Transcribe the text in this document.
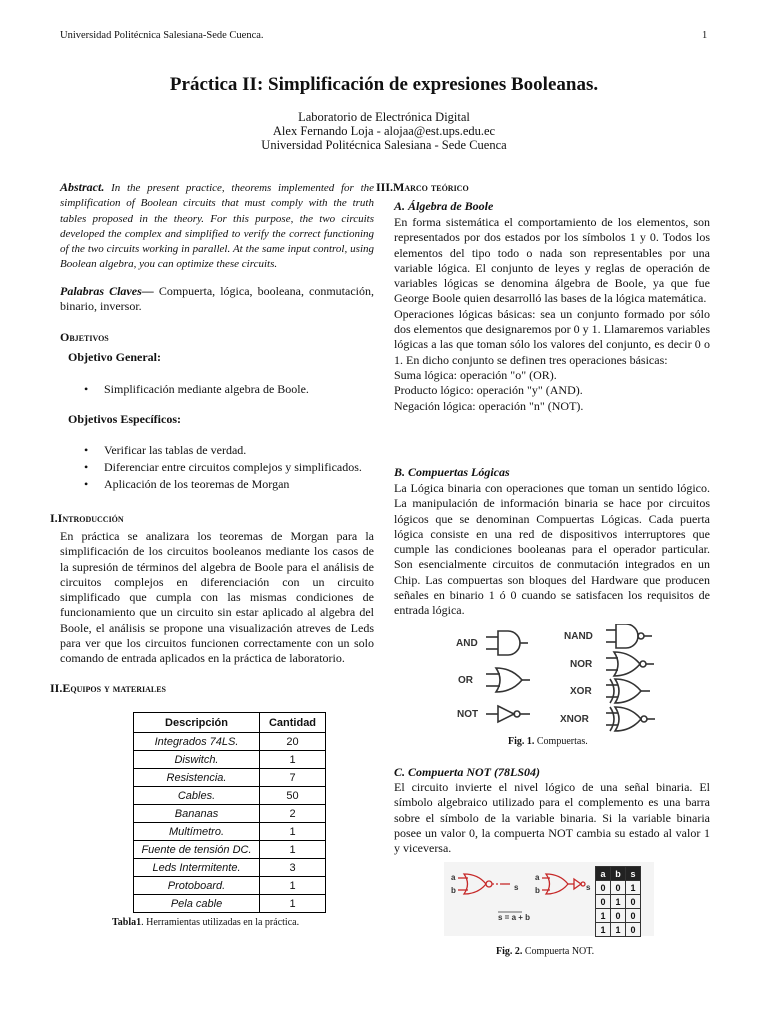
Universidad Politécnica Salesiana-Sede Cuenca.	1
Práctica II: Simplificación de expresiones Booleanas.
Laboratorio de Electrónica Digital
Alex Fernando Loja - alojaa@est.ups.edu.ec
Universidad Politécnica Salesiana - Sede Cuenca
Abstract. In the present practice, theorems implemented for the simplification of Boolean circuits that must comply with the truth tables proposed in the theory. For this purpose, the two circuits developed the complex and simplified to verify the correct functioning of the two circuits working in parallel. At the same input control, using Boolean algebra, you can optimize these circuits.
Palabras Claves— Compuerta, lógica, booleana, conmutación, binario, inversor.
Objetivos
Objetivo General:
• Simplificación mediante algebra de Boole.
Objetivos Específicos:
• Verificar las tablas de verdad.
• Diferenciar entre circuitos complejos y simplificados.
• Aplicación de los teoremas de Morgan
I.Introducción
En práctica se analizara los teoremas de Morgan para la simplificación de los circuitos booleanos mediante los casos de la supresión de términos del algebra de Boole para el análisis de circuitos complejos en diferenciación con un circuito simplificado que cumpla con las mismas condiciones de funcionamiento que un circuito sin estar aplicado al algebra del Boole, el análisis se propone una visualización atreves de Leds para ver que los circuitos funcionen correctamente con un solo comando de entrada aplicados en la práctica de laboratorio.
II.Equipos y materiales
Descripción	Cantidad
Integrados 74LS.	20
Diswitch.	1
Resistencia.	7
Cables.	50
Bananas	2
Multímetro.	1
Fuente de tensión DC.	1
Leds Intermitente.	3
Protoboard.	1
Pela cable	1
Tabla1. Herramientas utilizadas en la práctica.
III.Marco teórico
A. Álgebra de Boole
En forma sistemática el comportamiento de los elementos, son representados por dos estados por los símbolos 1 y 0. Todos los elementos del tipo todo o nada son representables por una variable lógica. El conjunto de leyes y reglas de operación de variables lógicas se denomina álgebra de Boole, ya que fue George Boole quien desarrolló las bases de la lógica matemática.
Operaciones lógicas básicas: sea un conjunto formado por sólo dos elementos que designaremos por 0 y 1. Llamaremos variables lógicas a las que toman sólo los valores del conjunto, es decir 0 o 1. En dicho conjunto se definen tres operaciones básicas:
Suma lógica: operación "o" (OR).
Producto lógico: operación "y" (AND).
Negación lógica: operación "n" (NOT).
B. Compuertas Lógicas
La Lógica binaria con operaciones que toman un sentido lógico. La manipulación de información binaria se hace por circuitos lógicos que se denominan Compuertas Lógicas. Cada puerta lógica consiste en una red de dispositivos interruptores que cumple las condiciones booleanas para el operador particular. Son esencialmente circuitos de conmutación integrados en un Chip. Las compuertas son bloques del Hardware que producen señales en binario 1 ó 0 cuando se satisfacen los requisitos de entrada lógica.
AND
OR
NOT
NAND
NOR
XOR
XNOR
Fig. 1. Compuertas.
C. Compuerta NOT (78LS04)
El circuito invierte el nivel lógico de una señal binaria. El símbolo algebraico utilizado para el complemento es una barra sobre el símbolo de la variable binaria. Si la variable binaria posee un valor 0, la compuerta NOT cambia su estado al valor 1 y viceversa.
a
b	s
a
b	s
s = a + b
a	b	s
0	0	1
0	1	0
1	0	0
1	1	0
Fig. 2. Compuerta NOT.
